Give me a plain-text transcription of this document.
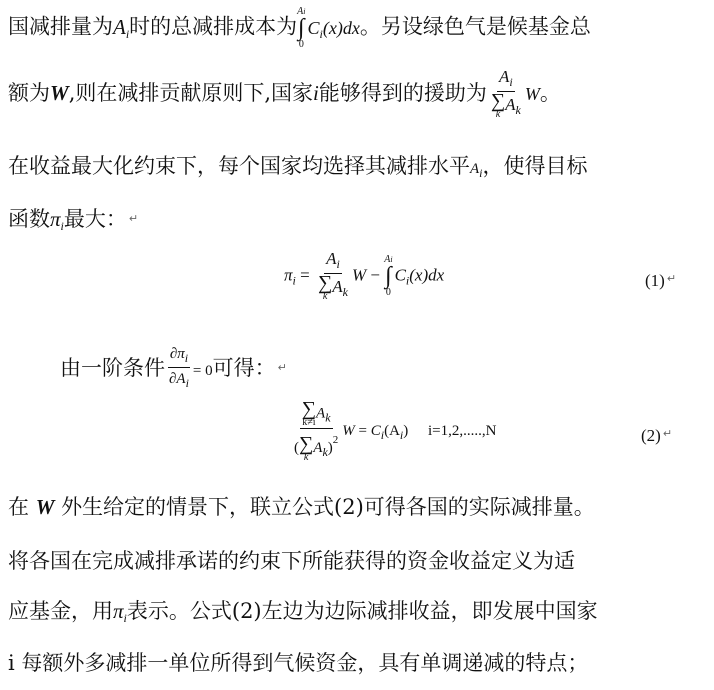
国减排量为$A_i$时的总减排成本为
Ai
∫
0
$C_i(x)dx$。另设绿色气是候基金总
额为W,则在减排贡献原则下,国家i能够得到的援助为 $A_i$
∑
k
$A_k$ W。
在收益最大化约束下，每个国家均选择其减排水平$A_i$，使得目标
函数$\pi_i$最大： ↵
$\pi_i = A_i$
∑
k
$A_k$ W −
Ai
∫
0
$C_i(x)dx$	(1) ↵
由一阶条件 $\frac{\partial\pi_i}{\partial A_i} = 0$可得： ↵
∑
k≠i
$A_k$
( ∑
k
$A_k)^2$ $W = C_i(A_i)$ i=1,2,.....,N	(2) ↵
在 W 外生给定的情景下，联立公式(2)可得各国的实际减排量。
将各国在完成减排承诺的约束下所能获得的资金收益定义为适
应基金，用$\pi_i$表示。公式(2)左边为边际减排收益，即发展中国家
i 每额外多减排一单位所得到气候资金，具有单调递减的特点；
